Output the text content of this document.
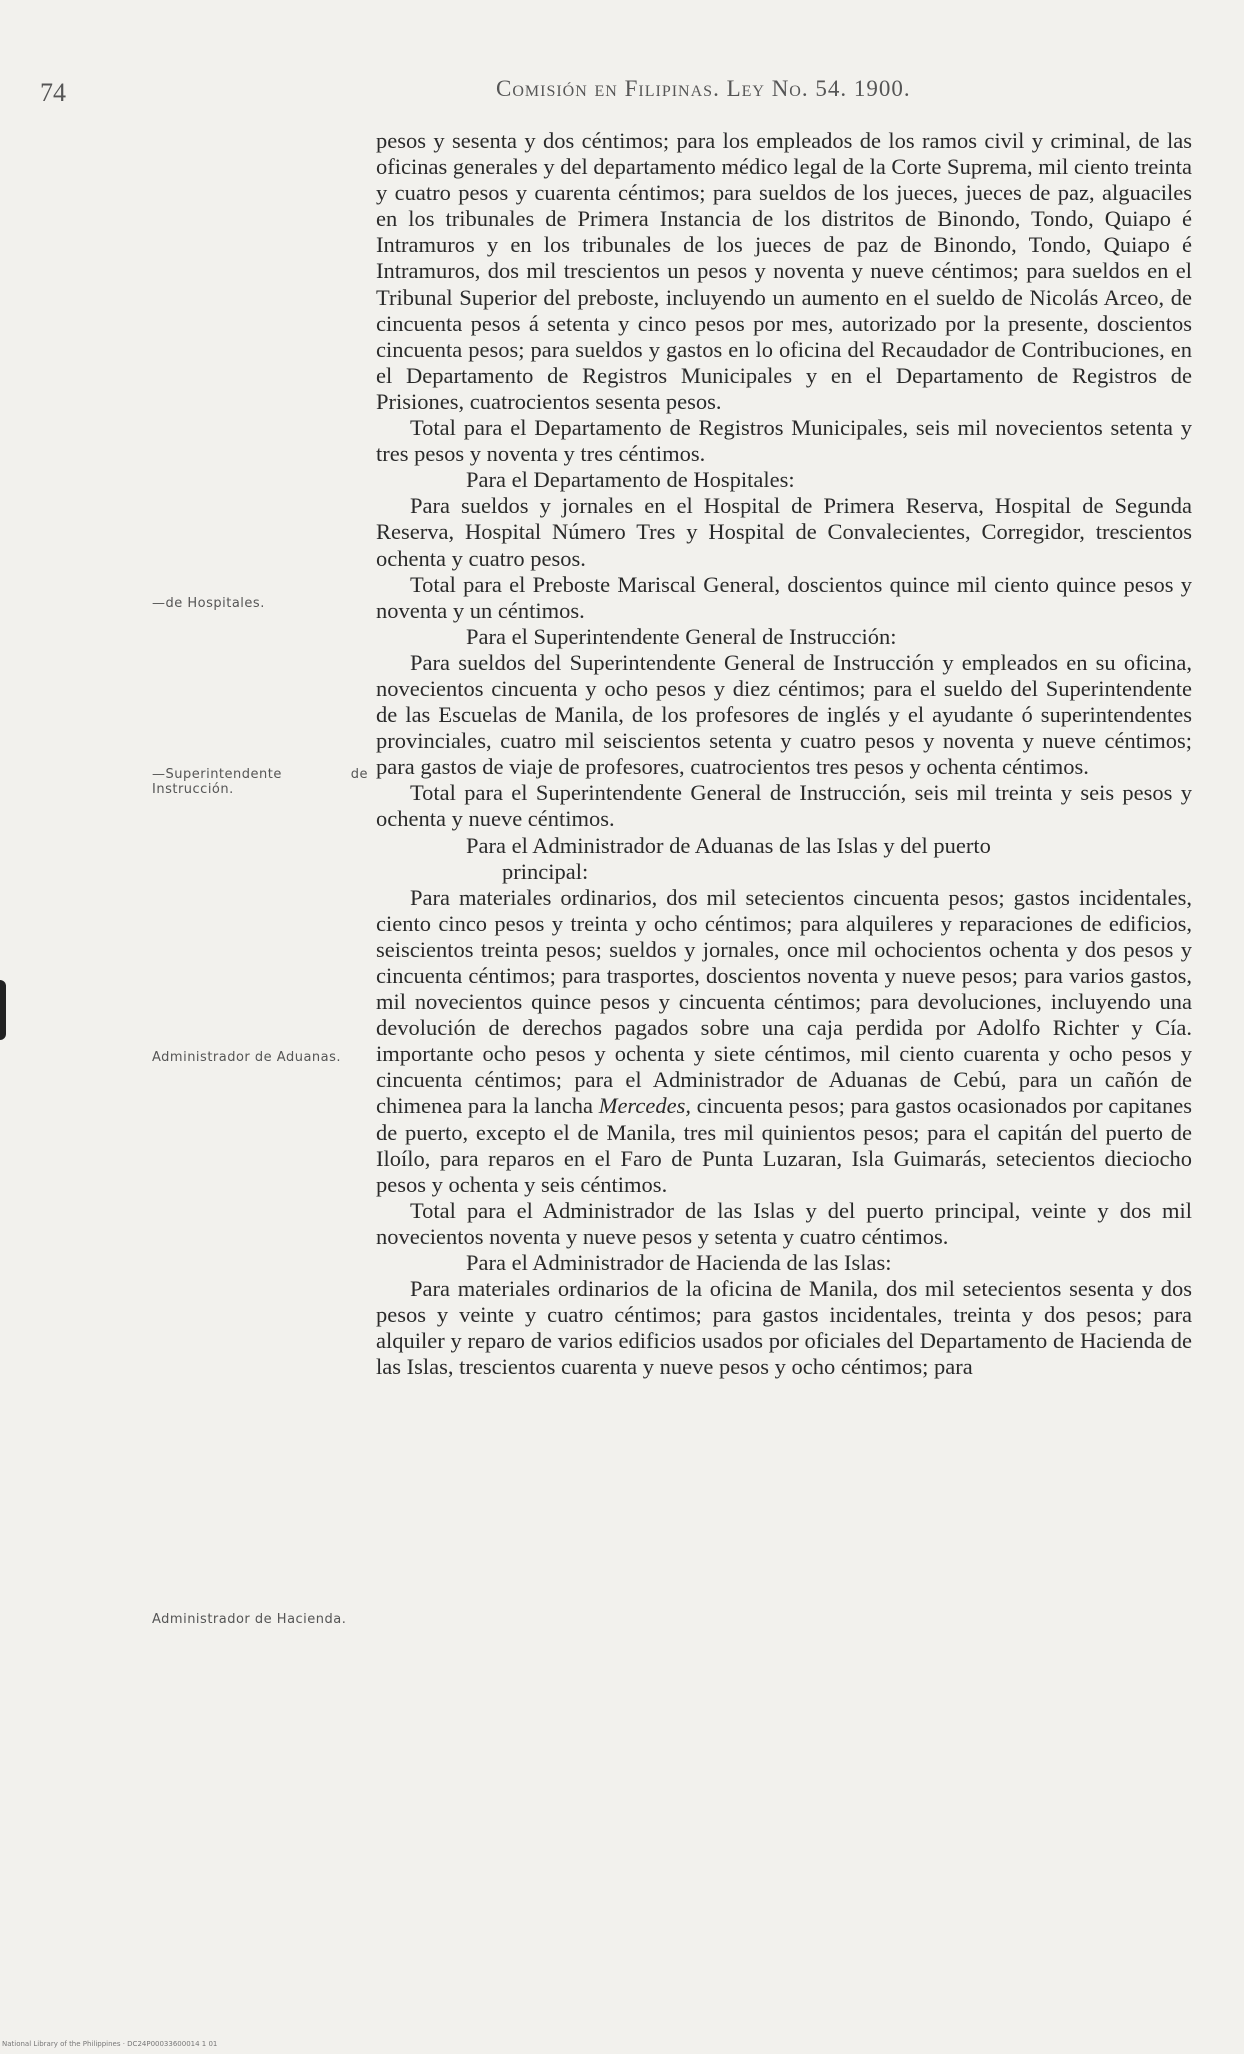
74	Comisión en Filipinas. Ley No. 54. 1900.
—de Hospitales.
—Superintendente de Instrucción.
Administrador de Aduanas.
Administrador de Hacienda.

pesos y sesenta y dos céntimos; para los empleados de los ramos civil y criminal, de las oficinas generales y del departamento médico legal de la Corte Suprema, mil ciento treinta y cuatro pesos y cuarenta céntimos; para sueldos de los jueces, jueces de paz, alguaciles en los tribunales de Primera Instancia de los distritos de Binondo, Tondo, Quiapo é Intramuros y en los tribunales de los jueces de paz de Binondo, Tondo, Quiapo é Intramuros, dos mil trescientos un pesos y noventa y nueve céntimos; para sueldos en el Tribunal Superior del preboste, incluyendo un aumento en el sueldo de Nicolás Arceo, de cincuenta pesos á setenta y cinco pesos por mes, autorizado por la presente, doscientos cincuenta pesos; para sueldos y gastos en lo oficina del Recaudador de Contribuciones, en el Departamento de Registros Municipales y en el Departamento de Registros de Prisiones, cuatrocientos sesenta pesos.

Total para el Departamento de Registros Municipales, seis mil novecientos setenta y tres pesos y noventa y tres céntimos.

Para el Departamento de Hospitales:

Para sueldos y jornales en el Hospital de Primera Reserva, Hospital de Segunda Reserva, Hospital Número Tres y Hospital de Convalecientes, Corregidor, trescientos ochenta y cuatro pesos.

Total para el Preboste Mariscal General, doscientos quince mil ciento quince pesos y noventa y un céntimos.

Para el Superintendente General de Instrucción:

Para sueldos del Superintendente General de Instrucción y empleados en su oficina, novecientos cincuenta y ocho pesos y diez céntimos; para el sueldo del Superintendente de las Escuelas de Manila, de los profesores de inglés y el ayudante ó superintendentes provinciales, cuatro mil seiscientos setenta y cuatro pesos y noventa y nueve céntimos; para gastos de viaje de profesores, cuatrocientos tres pesos y ochenta céntimos.

Total para el Superintendente General de Instrucción, seis mil treinta y seis pesos y ochenta y nueve céntimos.

Para el Administrador de Aduanas de las Islas y del puerto
principal:

Para materiales ordinarios, dos mil setecientos cincuenta pesos; gastos incidentales, ciento cinco pesos y treinta y ocho céntimos; para alquileres y reparaciones de edificios, seiscientos treinta pesos; sueldos y jornales, once mil ochocientos ochenta y dos pesos y cincuenta céntimos; para trasportes, doscientos noventa y nueve pesos; para varios gastos, mil novecientos quince pesos y cincuenta céntimos; para devoluciones, incluyendo una devolución de derechos pagados sobre una caja perdida por Adolfo Richter y Cía. importante ocho pesos y ochenta y siete céntimos, mil ciento cuarenta y ocho pesos y cincuenta céntimos; para el Administrador de Aduanas de Cebú, para un cañón de chimenea para la lancha Mercedes, cincuenta pesos; para gastos ocasionados por capitanes de puerto, excepto el de Manila, tres mil quinientos pesos; para el capitán del puerto de Iloílo, para reparos en el Faro de Punta Luzaran, Isla Guimarás, setecientos dieciocho pesos y ochenta y seis céntimos.

Total para el Administrador de las Islas y del puerto principal, veinte y dos mil novecientos noventa y nueve pesos y setenta y cuatro céntimos.

Para el Administrador de Hacienda de las Islas:

Para materiales ordinarios de la oficina de Manila, dos mil setecientos sesenta y dos pesos y veinte y cuatro céntimos; para gastos incidentales, treinta y dos pesos; para alquiler y reparo de varios edificios usados por oficiales del Departamento de Hacienda de las Islas, trescientos cuarenta y nueve pesos y ocho céntimos; para

National Library of the Philippines · DC24P00033600014 1 01
